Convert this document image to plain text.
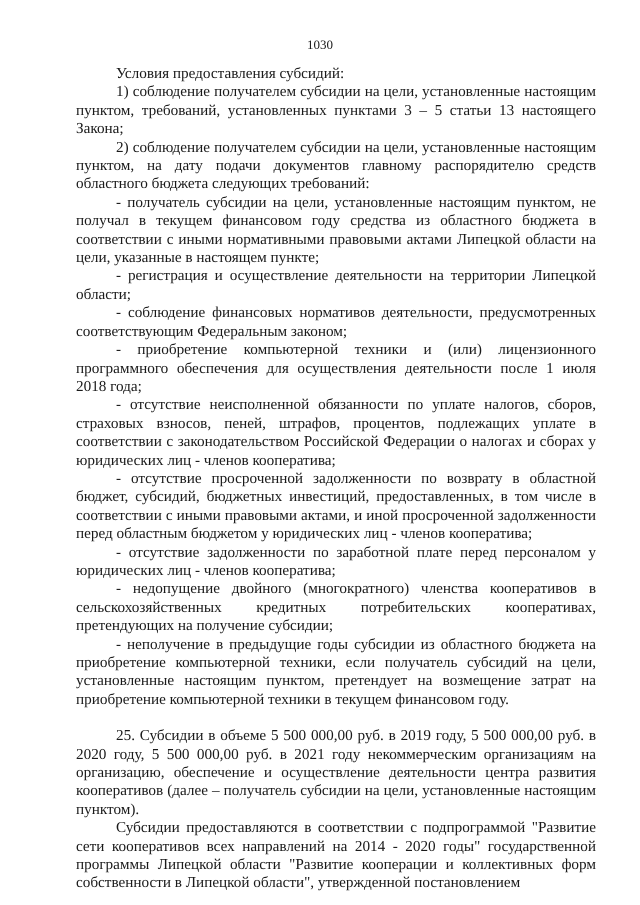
1030

Условия предоставления субсидий:

1) соблюдение получателем субсидии на цели, установленные настоящим пунктом, требований, установленных пунктами 3 – 5 статьи 13 настоящего Закона;

2) соблюдение получателем субсидии на цели, установленные настоящим пунктом, на дату подачи документов главному распорядителю средств областного бюджета следующих требований:

- получатель субсидии на цели, установленные настоящим пунктом, не получал в текущем финансовом году средства из областного бюджета в соответствии с иными нормативными правовыми актами Липецкой области на цели, указанные в настоящем пункте;

- регистрация и осуществление деятельности на территории Липецкой области;

- соблюдение финансовых нормативов деятельности, предусмотренных соответствующим Федеральным законом;

- приобретение компьютерной техники и (или) лицензионного программного обеспечения для осуществления деятельности после 1 июля 2018 года;

- отсутствие неисполненной обязанности по уплате налогов, сборов, страховых взносов, пеней, штрафов, процентов, подлежащих уплате в соответствии с законодательством Российской Федерации о налогах и сборах у юридических лиц - членов кооператива;

- отсутствие просроченной задолженности по возврату в областной бюджет, субсидий, бюджетных инвестиций, предоставленных, в том числе в соответствии с иными правовыми актами, и иной просроченной задолженности перед областным бюджетом у юридических лиц - членов кооператива;

- отсутствие задолженности по заработной плате перед персоналом у юридических лиц - членов кооператива;

- недопущение двойного (многократного) членства кооперативов в сельскохозяйственных кредитных потребительских кооперативах, претендующих на получение субсидии;

- неполучение в предыдущие годы субсидии из областного бюджета на приобретение компьютерной техники, если получатель субсидий на цели, установленные настоящим пунктом, претендует на возмещение затрат на приобретение компьютерной техники в текущем финансовом году.

25. Субсидии в объеме 5 500 000,00 руб. в 2019 году, 5 500 000,00 руб. в 2020 году, 5 500 000,00 руб. в 2021 году некоммерческим организациям на организацию, обеспечение и осуществление деятельности центра развития кооперативов (далее – получатель субсидии на цели, установленные настоящим пунктом).

Субсидии предоставляются в соответствии с подпрограммой "Развитие сети кооперативов всех направлений на 2014 - 2020 годы" государственной программы Липецкой области "Развитие кооперации и коллективных форм собственности в Липецкой области", утвержденной постановлением
